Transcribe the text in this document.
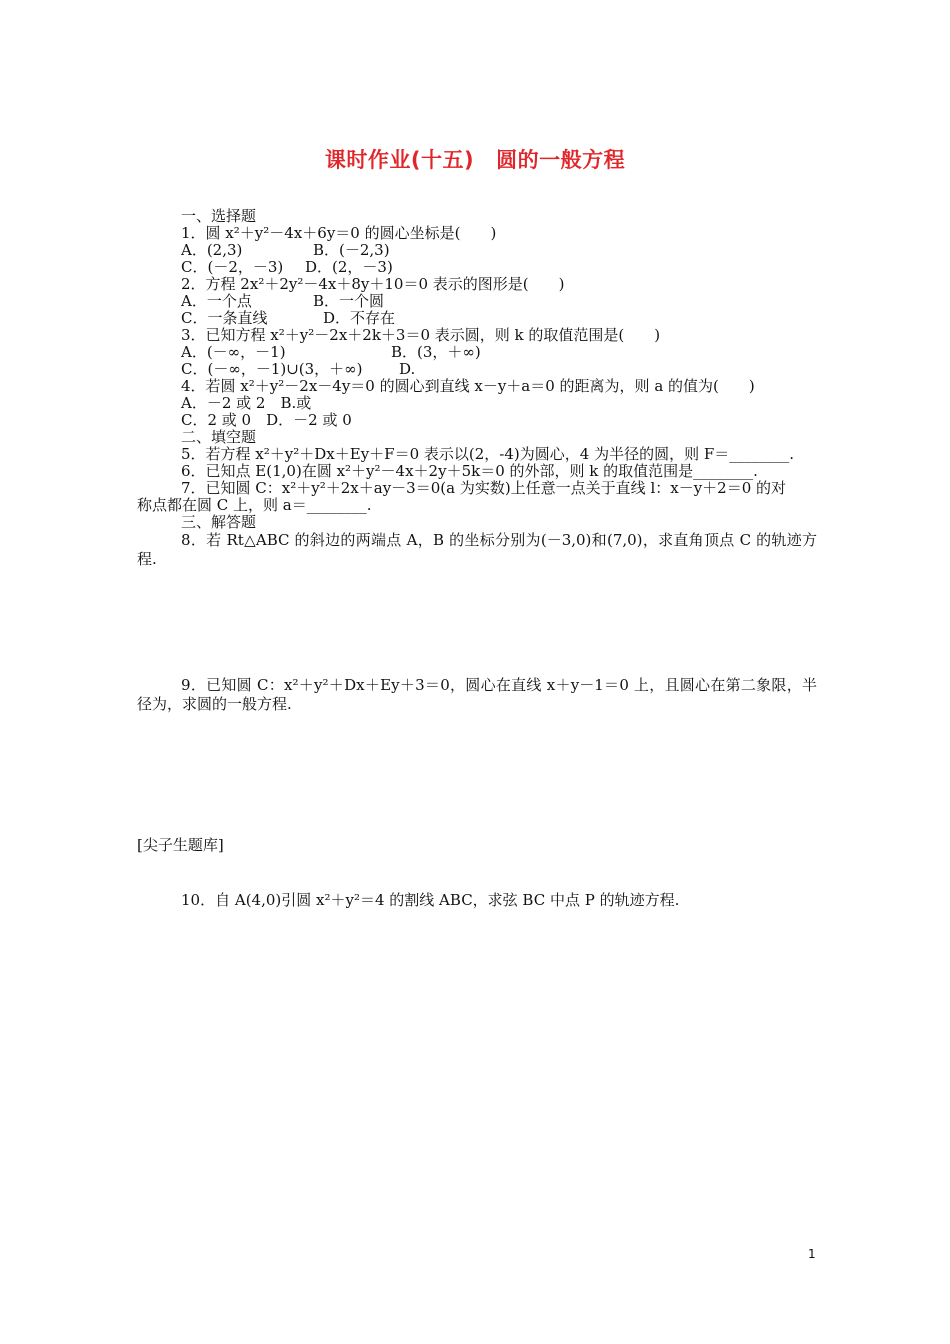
课时作业(十五) 圆的一般方程
一、选择题
1．圆 x²＋y²－4x＋6y＝0 的圆心坐标是(　　)
A．(2,3)	B．(－2,3)
C．(－2，－3) D．(2，－3)
2．方程 2x²＋2y²－4x＋8y＋10＝0 表示的图形是(　　)
A．一个点	B．一个圆
C．一条直线	D．不存在
3．已知方程 x²＋y²－2x＋2k＋3＝0 表示圆，则 k 的取值范围是(　　)
A．(－∞，－1)	B．(3，＋∞)
C．(－∞，－1)∪(3，＋∞) D.
4．若圆 x²＋y²－2x－4y＝0 的圆心到直线 x－y＋a＝0 的距离为，则 a 的值为(　　)
A．－2 或 2　B.或
C．2 或 0　D．－2 或 0
二、填空题
5．若方程 x²＋y²＋Dx＋Ey＋F＝0 表示以(2，-4)为圆心，4 为半径的圆，则 F＝________.
6．已知点 E(1,0)在圆 x²＋y²－4x＋2y＋5k＝0 的外部，则 k 的取值范围是________.
7．已知圆 C：x²＋y²＋2x＋ay－3＝0(a 为实数)上任意一点关于直线 l：x－y＋2＝0 的对
称点都在圆 C 上，则 a＝________.
三、解答题
8．若 Rt△ABC 的斜边的两端点 A，B 的坐标分别为(－3,0)和(7,0)，求直角顶点 C 的轨迹方程.
9．已知圆 C：x²＋y²＋Dx＋Ey＋3＝0，圆心在直线 x＋y－1＝0 上，且圆心在第二象限，半径为，求圆的一般方程.
[尖子生题库]
10．自 A(4,0)引圆 x²＋y²＝4 的割线 ABC，求弦 BC 中点 P 的轨迹方程.
1
